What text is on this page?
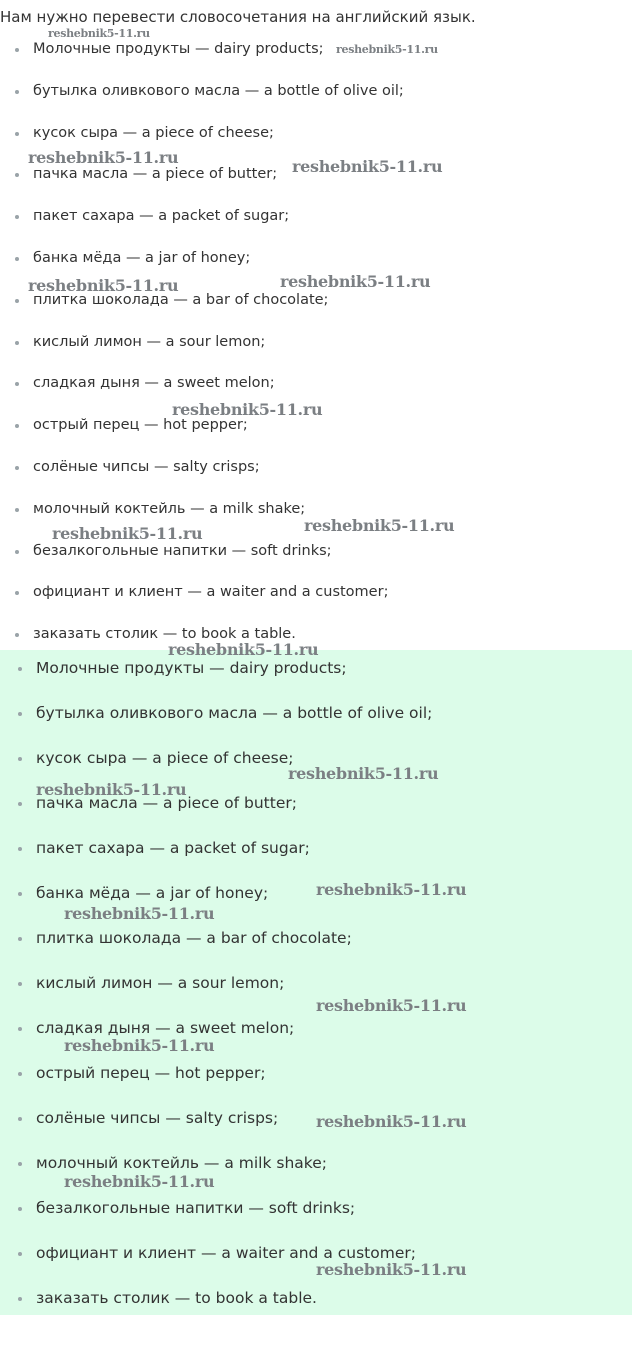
Нам нужно перевести словосочетания на английский язык.
Молочные продукты — dairy products;
бутылка оливкового масла — a bottle of olive oil;
кусок сыра — a piece of cheese;
пачка масла — a piece of butter;
пакет сахара — a packet of sugar;
банка мёда — a jar of honey;
плитка шоколада — a bar of chocolate;
кислый лимон — a sour lemon;
сладкая дыня — a sweet melon;
острый перец — hot pepper;
солёные чипсы — salty crisps;
молочный коктейль — a milk shake;
безалкогольные напитки — soft drinks;
официант и клиент — a waiter and a customer;
заказать столик — to book a table.
Молочные продукты — dairy products;
бутылка оливкового масла — a bottle of olive oil;
кусок сыра — a piece of cheese;
пачка масла — a piece of butter;
пакет сахара — a packet of sugar;
банка мёда — a jar of honey;
плитка шоколада — a bar of chocolate;
кислый лимон — a sour lemon;
сладкая дыня — a sweet melon;
острый перец — hot pepper;
солёные чипсы — salty crisps;
молочный коктейль — a milk shake;
безалкогольные напитки — soft drinks;
официант и клиент — a waiter and a customer;
заказать столик — to book a table.
reshebnik5-11.ru
reshebnik5-11.ru
reshebnik5-11.ru	reshebnik5-11.ru
reshebnik5-11.ru	reshebnik5-11.ru
reshebnik5-11.ru
reshebnik5-11.ru	reshebnik5-11.ru
reshebnik5-11.ru
reshebnik5-11.ru
reshebnik5-11.ru
reshebnik5-11.ru
reshebnik5-11.ru
reshebnik5-11.ru
reshebnik5-11.ru
reshebnik5-11.ru
reshebnik5-11.ru
reshebnik5-11.ru
